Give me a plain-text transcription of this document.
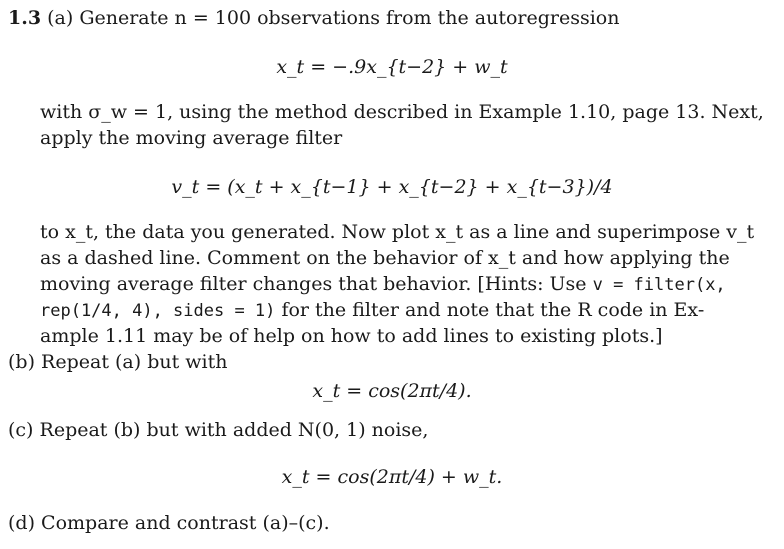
1.3 (a) Generate n = 100 observations from the autoregression
x_t = −.9x_{t−2} + w_t
with σ_w = 1, using the method described in Example 1.10, page 13. Next,
apply the moving average filter
v_t = (x_t + x_{t−1} + x_{t−2} + x_{t−3})/4
to x_t, the data you generated. Now plot x_t as a line and superimpose v_t
as a dashed line. Comment on the behavior of x_t and how applying the
moving average filter changes that behavior. [Hints: Use v = filter(x,
rep(1/4, 4), sides = 1) for the filter and note that the R code in Ex-
ample 1.11 may be of help on how to add lines to existing plots.]
(b) Repeat (a) but with
x_t = cos(2πt/4).
(c) Repeat (b) but with added N(0, 1) noise,
x_t = cos(2πt/4) + w_t.
(d) Compare and contrast (a)–(c).
